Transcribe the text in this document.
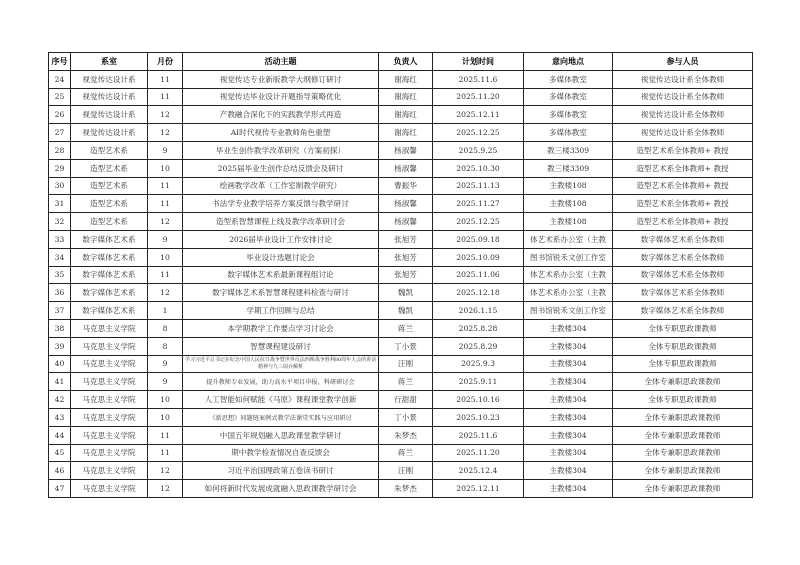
序号	系室	月份	活动主题	负责人	计划时间	意向地点	参与人员
24	视觉传达设计系	11	视觉传达专业新版教学大纲修订研讨	谢海红	2025.11.6	多媒体教室	视觉传达设计系全体教师
25	视觉传达设计系	11	视觉传达毕业设计开题指导策略优化	谢海红	2025.11.20	多媒体教室	视觉传达设计系全体教师
26	视觉传达设计系	12	产教融合深化下的实践教学形式再造	谢海红	2025.12.11	多媒体教室	视觉传达设计系全体教师
27	视觉传达设计系	12	AI时代视传专业教师角色重塑	谢海红	2025.12.25	多媒体教室	视觉传达设计系全体教师
28	造型艺术系	9	毕业生创作教学改革研究（方案初探）	杨淑馨	2025.9.25	教三楼3309	造型艺术系全体教师+ 教授
29	造型艺术系	10	2025届毕业生创作总结反馈会及研讨	杨淑馨	2025.10.30	教三楼3309	造型艺术系全体教师+ 教授
30	造型艺术系	11	绘画教学改革（工作室制教学研究）	曹振华	2025.11.13	主教楼108	造型艺术系全体教师+ 教授
31	造型艺术系	11	书法学专业教学培养方案反馈与教学研讨	杨淑馨	2025.11.27	主教楼108	造型艺术系全体教师+ 教授
32	造型艺术系	12	造型系智慧课程上线及教学改革研讨会	杨淑馨	2025.12.25	主教楼108	造型艺术系全体教师+ 教授
33	数字媒体艺术系	9	2026届毕业设计工作安排讨论	张旭芳	2025.09.18	体艺术系办公室（主教	数字媒体艺术系全体教师
34	数字媒体艺术系	10	毕业设计选题讨论会	张旭芳	2025.10.09	图书馆锐禾文创工作室	数字媒体艺术系全体教师
35	数字媒体艺术系	11	数字媒体艺术系最新课程组讨论	张旭芳	2025.11.06	体艺术系办公室（主教	数字媒体艺术系全体教师
36	数字媒体艺术系	12	数字媒体艺术系智慧课程建科检查与研讨	魏凯	2025.12.18	体艺术系办公室（主教	数字媒体艺术系全体教师
37	数字媒体艺术系	1	学期工作回顾与总结	魏凯	2026.1.15	图书馆锐禾文创工作室	数字媒体艺术系全体教师
38	马克思主义学院	8	本学期教学工作要点学习讨论会	蒋兰	2025.8.28	主教楼304	全体专职思政课教师
39	马克思主义学院	8	智慧课程建设研讨	丁小景	2025.8.29	主教楼304	全体专职思政课教师
40	马克思主义学院	9	学习习近平总书记在纪念中国人民抗日战争暨世界反法西斯战争胜利80周年大会的讲话精神与九三阅兵解析	汪刚	2025.9.3	主教楼304	全体专职思政课教师
41	马克思主义学院	9	提升教师专业发展，助力高水平项目申报，科研研讨会	蒋兰	2025.9.11	主教楼304	全体专兼职思政课教师
42	马克思主义学院	10	人工智能如何赋能《马原》课程课堂教学创新	行甜甜	2025.10.16	主教楼304	全体专职思政课教师
43	马克思主义学院	10	《新思想》问题链案例式教学法课堂实践与应用研讨	丁小景	2025.10.23	主教楼304	全体专兼职思政课教师
44	马克思主义学院	11	中国五年规划融入思政课堂教学研讨	朱梦杰	2025.11.6	主教楼304	全体专兼职思政课教师
45	马克思主义学院	11	期中教学检查情况自查反馈会	蒋兰	2025.11.20	主教楼304	全体专兼职思政课教师
46	马克思主义学院	12	习近平治国理政第五卷读书研讨	汪刚	2025.12.4	主教楼304	全体专兼职思政课教师
47	马克思主义学院	12	如何将新时代发展成就融入思政课教学研讨会	朱梦杰	2025.12.11	主教楼304	全体专兼职思政课教师
